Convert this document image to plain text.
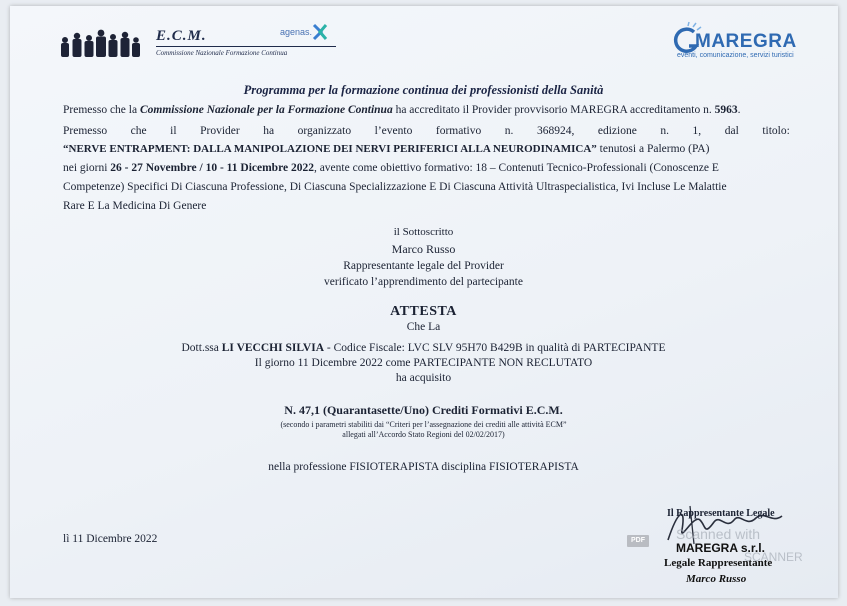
E.C.M.
Commissione Nazionale Formazione Continua
agenas.	MAREGRA
eventi, comunicazione, servizi turistici
Programma per la formazione continua dei professionisti della Sanità
Premesso che la Commissione Nazionale per la Formazione Continua ha accreditato il Provider provvisorio MAREGRA accreditamento n. 5963.
Premesso che il Provider ha organizzato l’evento formativo n. 368924, edizione n. 1, dal titolo:
“NERVE ENTRAPMENT: DALLA MANIPOLAZIONE DEI NERVI PERIFERICI ALLA NEURODINAMICA” tenutosi a Palermo (PA)
nei giorni 26 - 27 Novembre / 10 - 11 Dicembre 2022, avente come obiettivo formativo: 18 – Contenuti Tecnico-Professionali (Conoscenze E
Competenze) Specifici Di Ciascuna Professione, Di Ciascuna Specializzazione E Di Ciascuna Attività Ultraspecialistica, Ivi Incluse Le Malattie
Rare E La Medicina Di Genere
il Sottoscritto
Marco Russo
Rappresentante legale del Provider
verificato l’apprendimento del partecipante
ATTESTA
Che La
Dott.ssa LI VECCHI SILVIA - Codice Fiscale: LVC SLV 95H70 B429B in qualità di PARTECIPANTE
Il giorno 11 Dicembre 2022 come PARTECIPANTE NON RECLUTATO
ha acquisito
N. 47,1 (Quarantasette/Uno) Crediti Formativi E.C.M.
(secondo i parametri stabiliti dai “Criteri per l’assegnazione dei crediti alle attività ECM”
allegati all’Accordo Stato Regioni del 02/02/2017)
nella professione FISIOTERAPISTA disciplina FISIOTERAPISTA
lì 11 Dicembre 2022
Il Rappresentante Legale
MAREGRA s.r.l.
Legale Rappresentante
Marco Russo
PDF Scanned with
SCANNER
